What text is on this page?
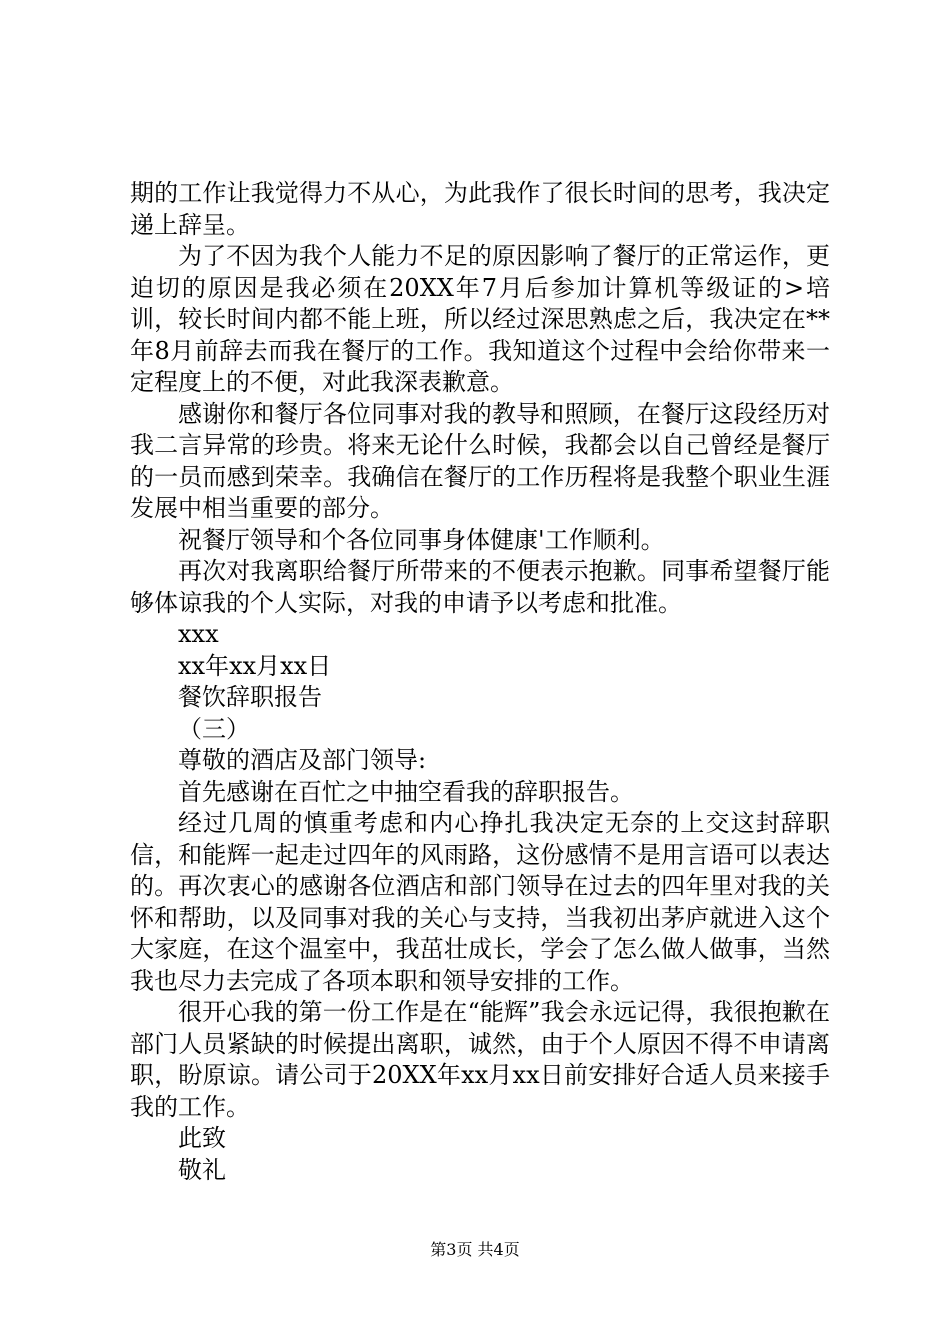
期的工作让我觉得力不从心，为此我作了很长时间的思考，我决定递上辞呈。

为了不因为我个人能力不足的原因影响了餐厅的正常运作，更迫切的原因是我必须在20XX年7月后参加计算机等级证的>培训，较长时间内都不能上班，所以经过深思熟虑之后，我决定在**年8月前辞去而我在餐厅的工作。我知道这个过程中会给你带来一定程度上的不便，对此我深表歉意。

感谢你和餐厅各位同事对我的教导和照顾，在餐厅这段经历对我二言异常的珍贵。将来无论什么时候，我都会以自己曾经是餐厅的一员而感到荣幸。我确信在餐厅的工作历程将是我整个职业生涯发展中相当重要的部分。

祝餐厅领导和个各位同事身体健康'工作顺利。

再次对我离职给餐厅所带来的不便表示抱歉。同事希望餐厅能够体谅我的个人实际，对我的申请予以考虑和批准。

xxx

xx年xx月xx日

餐饮辞职报告

（三）

尊敬的酒店及部门领导:

首先感谢在百忙之中抽空看我的辞职报告。

经过几周的慎重考虑和内心挣扎我决定无奈的上交这封辞职信，和能辉一起走过四年的风雨路，这份感情不是用言语可以表达的。再次衷心的感谢各位酒店和部门领导在过去的四年里对我的关怀和帮助，以及同事对我的关心与支持，当我初出茅庐就进入这个大家庭，在这个温室中，我茁壮成长，学会了怎么做人做事，当然我也尽力去完成了各项本职和领导安排的工作。

很开心我的第一份工作是在“能辉”我会永远记得，我很抱歉在部门人员紧缺的时候提出离职，诚然，由于个人原因不得不申请离职，盼原谅。请公司于20XX年xx月xx日前安排好合适人员来接手我的工作。

此致

敬礼

第3页 共4页
